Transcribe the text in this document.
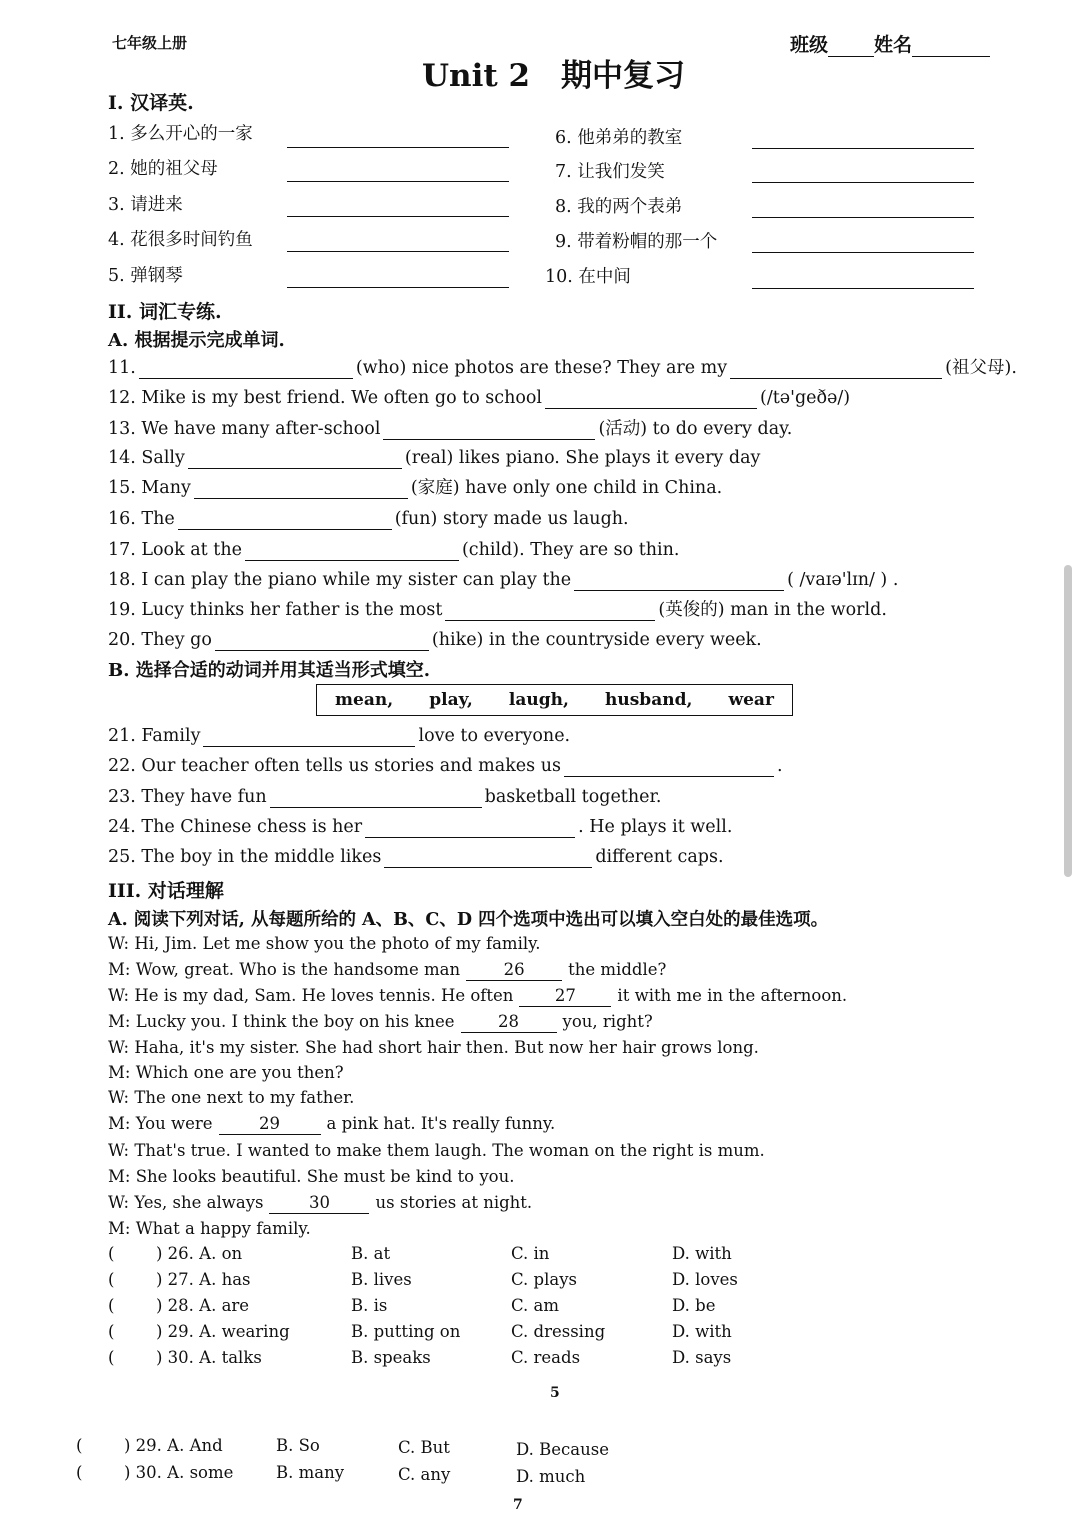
七年级上册	班级 姓名
Unit 2　期中复习
I. 汉译英.
1. 多么开心的一家
2. 她的祖父母
3. 请进来
4. 花很多时间钓鱼
5. 弹钢琴
6. 他弟弟的教室
7. 让我们发笑
8. 我的两个表弟
9. 带着粉帽的那一个
10. 在中间
II. 词汇专练.
A. 根据提示完成单词.
11.	(who) nice photos are these? They are my	(祖父母).
12. Mike is my best friend. We often go to school	(/tə'geðə/)
13. We have many after-school	(活动) to do every day.
14. Sally	(real) likes piano. She plays it every day
15. Many	(家庭) have only one child in China.
16. The	(fun) story made us laugh.
17. Look at the	(child). They are so thin.
18. I can play the piano while my sister can play the	( /vaɪə'lɪn/ ) .
19. Lucy thinks her father is the most	(英俊的) man in the world.
20. They go	(hike) in the countryside every week.
B. 选择合适的动词并用其适当形式填空.
mean, play, laugh, husband, wear
21. Family	love to everyone.
22. Our teacher often tells us stories and makes us	.
23. They have fun	basketball together.
24. The Chinese chess is her	. He plays it well.
25. The boy in the middle likes	different caps.
III. 对话理解
A. 阅读下列对话, 从每题所给的 A、B、C、D 四个选项中选出可以填入空白处的最佳选项。
W: Hi, Jim. Let me show you the photo of my family.
M: Wow, great. Who is the handsome man	26	the middle?
W: He is my dad, Sam. He loves tennis. He often	27	it with me in the afternoon.
M: Lucky you. I think the boy on his knee	28	you, right?
W: Haha, it's my sister. She had short hair then. But now her hair grows long.
M: Which one are you then?
W: The one next to my father.
M: You were	29	a pink hat. It's really funny.
W: That's true. I wanted to make them laugh. The woman on the right is mum.
M: She looks beautiful. She must be kind to you.
W: Yes, she always	30	us stories at night.
M: What a happy family.
(	) 26. A. on	B. at	C. in	D. with
(	) 27. A. has	B. lives	C. plays	D. loves
(	) 28. A. are	B. is	C. am	D. be
(	) 29. A. wearing	B. putting on	C. dressing	D. with
(	) 30. A. talks	B. speaks	C. reads	D. says
5
(	) 29. A. And	B. So	C. But	D. Because
(	) 30. A. some	B. many	C. any	D. much
7
